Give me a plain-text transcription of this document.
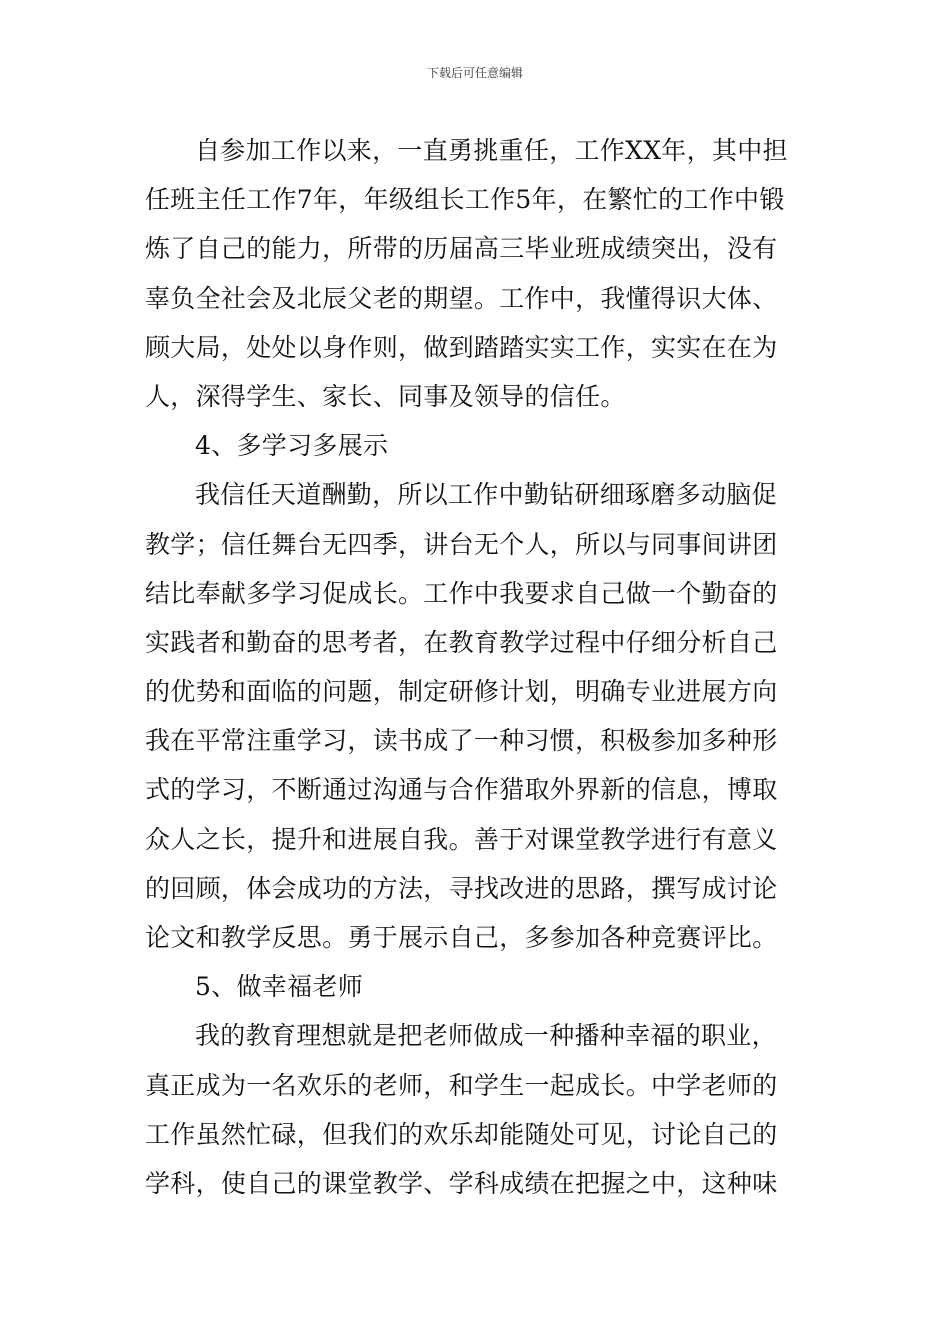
下载后可任意编辑
自参加工作以来，一直勇挑重任，工作XX年，其中担
任班主任工作7年，年级组长工作5年，在繁忙的工作中锻
炼了自己的能力，所带的历届高三毕业班成绩突出，没有
辜负全社会及北辰父老的期望。工作中，我懂得识大体、
顾大局，处处以身作则，做到踏踏实实工作，实实在在为
人，深得学生、家长、同事及领导的信任。
4、多学习多展示
我信任天道酬勤，所以工作中勤钻研细琢磨多动脑促
教学；信任舞台无四季，讲台无个人，所以与同事间讲团
结比奉献多学习促成长。工作中我要求自己做一个勤奋的
实践者和勤奋的思考者，在教育教学过程中仔细分析自己
的优势和面临的问题，制定研修计划，明确专业进展方向
我在平常注重学习，读书成了一种习惯，积极参加多种形
式的学习，不断通过沟通与合作猎取外界新的信息，博取
众人之长，提升和进展自我。善于对课堂教学进行有意义
的回顾，体会成功的方法，寻找改进的思路，撰写成讨论
论文和教学反思。勇于展示自己，多参加各种竞赛评比。
5、做幸福老师
我的教育理想就是把老师做成一种播种幸福的职业，
真正成为一名欢乐的老师，和学生一起成长。中学老师的
工作虽然忙碌，但我们的欢乐却能随处可见，讨论自己的
学科，使自己的课堂教学、学科成绩在把握之中，这种味
